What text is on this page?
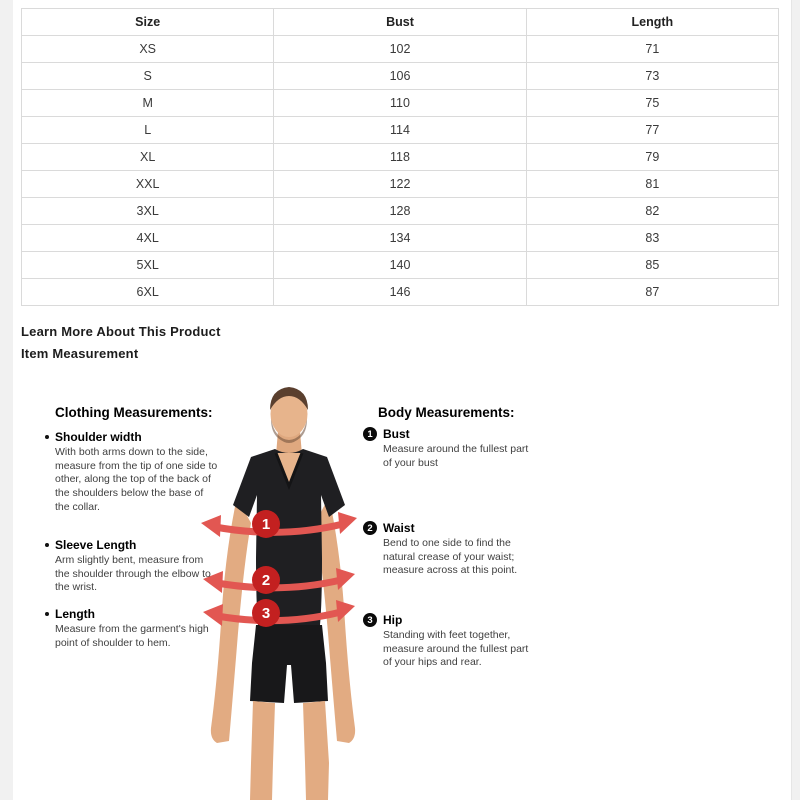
Size	Bust	Length
XS	102	71
S	106	73
M	110	75
L	114	77
XL	118	79
XXL	122	81
3XL	128	82
4XL	134	83
5XL	140	85
6XL	146	87
Learn More About This Product
Item Measurement
Clothing Measurements:	Body Measurements:
1
2
3
Shoulder width

With both arms down to the side, measure from the tip of one side to other, along the top of the back of the shoulders below the base of the collar.

Sleeve Length

Arm slightly bent, measure from the shoulder through the elbow to the wrist.

Length

Measure from the garment's high point of shoulder to hem.

1 Bust

Measure around the fullest part of your bust

2 Waist

Bend to one side to find the natural crease of your waist; measure across at this point.

3 Hip

Standing with feet together, measure around the fullest part of your hips and rear.
